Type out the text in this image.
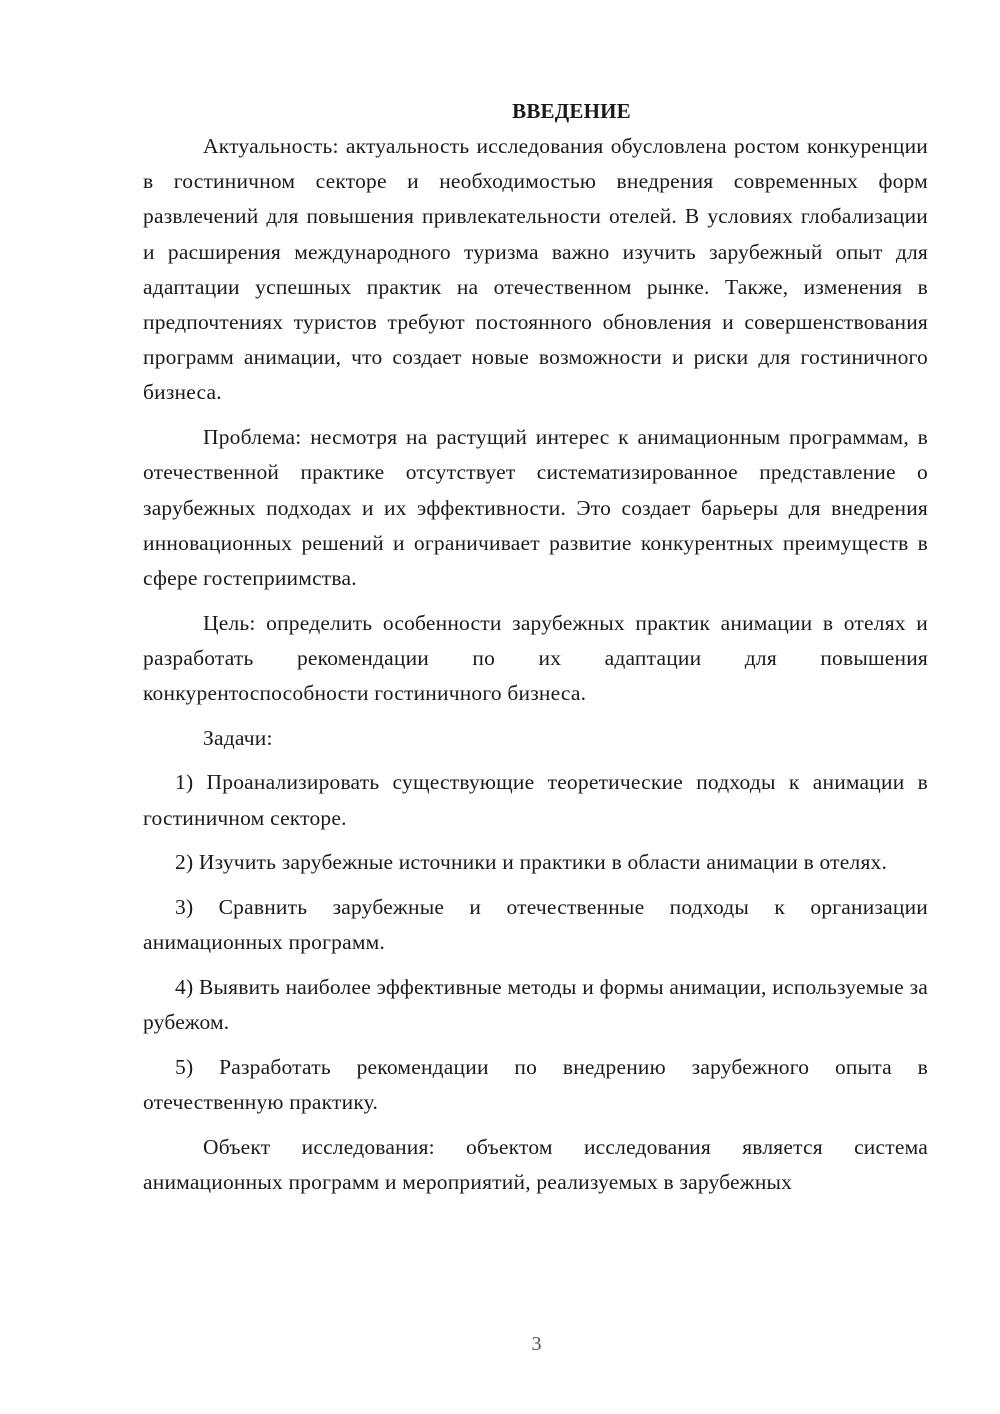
ВВЕДЕНИЕ

Актуальность: актуальность исследования обусловлена ростом конкуренции в гостиничном секторе и необходимостью внедрения современных форм развлечений для повышения привлекательности отелей. В условиях глобализации и расширения международного туризма важно изучить зарубежный опыт для адаптации успешных практик на отечественном рынке. Также, изменения в предпочтениях туристов требуют постоянного обновления и совершенствования программ анимации, что создает новые возможности и риски для гостиничного бизнеса.

Проблема: несмотря на растущий интерес к анимационным программам, в отечественной практике отсутствует систематизированное представление о зарубежных подходах и их эффективности. Это создает барьеры для внедрения инновационных решений и ограничивает развитие конкурентных преимуществ в сфере гостеприимства.

Цель: определить особенности зарубежных практик анимации в отелях и разработать рекомендации по их адаптации для повышения конкурентоспособности гостиничного бизнеса.

Задачи:

1) Проанализировать существующие теоретические подходы к анимации в гостиничном секторе.

2) Изучить зарубежные источники и практики в области анимации в отелях.

3) Сравнить зарубежные и отечественные подходы к организации анимационных программ.

4) Выявить наиболее эффективные методы и формы анимации, используемые за рубежом.

5) Разработать рекомендации по внедрению зарубежного опыта в отечественную практику.

Объект исследования: объектом исследования является система анимационных программ и мероприятий, реализуемых в зарубежных

3
